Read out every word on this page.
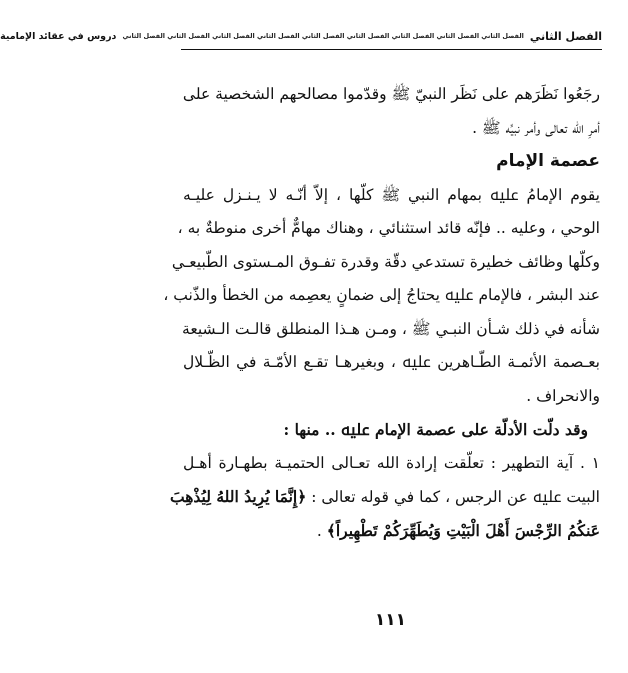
الفصل الثاني
الفصل الثاني الفصل الثاني الفصل الثاني الفصل الثاني الفصل الثاني الفصل الثاني الفصل الثاني الفصل الثاني الفصل الثاني
دروس في عقائد الإمامية
رجَعُوا نَظَرَهم على نَظَر النبيّ ﷺ وقدّموا مصالحهم الشخصية على
أمرِ الله تعالى وأمر نبيِّه ﷺ .
عصمة الإمام
يقوم الإمامُ ﷷ بمهام النبي ﷺ كلّها ، إلاّ أنّـه لا يـنـزل عليـه
الوحي ، وعليه .. فإنّه قائد استثنائي ، وهناك مهامٌّ أخرى منوطةٌ به ،
وكلّها وظائف خطيرة تستدعي دقّة وقدرة تفـوق المـستوى الطّبيعـي
عند البشر ، فالإمام ﷷ يحتاجُ إلى ضمانٍ يعصِمه من الخطأ والذّنب ،
شأنه في ذلك شـأن النبـي ﷺ ، ومـن هـذا المنطلق قالـت الـشيعة
بعـصمة الأئمـة الطّـاهرين ﷷ ، وبغيرهـا تقـع الأمّـة في الظّـلال
والانحراف .
وقد دلّت الأدلّة على عصمة الإمام ﷷ .. منها :
١ . آية التطهير : تعلّقت إرادة الله تعـالى الحتميـة بطهـارة أهـل
البيت ﷷ عن الرجس ، كما في قوله تعالى : ﴿إِنَّمَا يُرِيدُ اللهُ لِيُذْهِبَ
عَنكُمُ الرِّجْسَ أَهْلَ الْبَيْتِ وَيُطَهِّرَكُمْ تَطْهِيراً﴾ .
١١١
